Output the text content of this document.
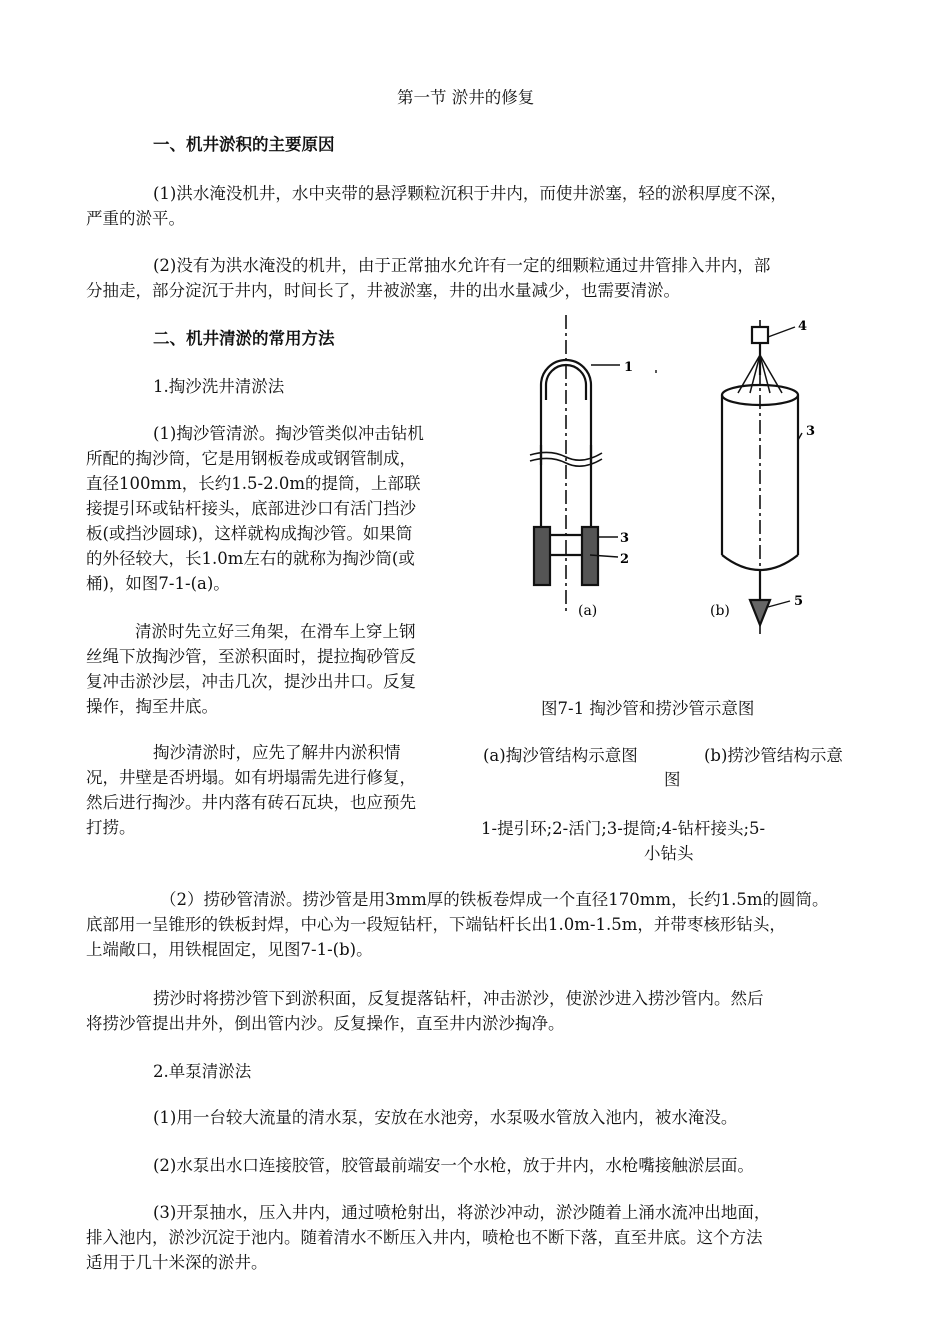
第一节 淤井的修复
一、机井淤积的主要原因
(1)洪水淹没机井，水中夹带的悬浮颗粒沉积于井内，而使井淤塞，轻的淤积厚度不深，
严重的淤平。
(2)没有为洪水淹没的机井，由于正常抽水允许有一定的细颗粒通过井管排入井内，部
分抽走，部分淀沉于井内，时间长了，井被淤塞，井的出水量减少，也需要清淤。
二、机井清淤的常用方法
1.掏沙洗井清淤法
(1)掏沙管清淤。掏沙管类似冲击钻机
所配的掏沙筒，它是用钢板卷成或钢管制成，
直径100mm，长约1.5-2.0m的提筒，上部联
接提引环或钻杆接头，底部进沙口有活门挡沙
板(或挡沙圆球)，这样就构成掏沙管。如果筒
的外径较大，长1.0m左右的就称为掏沙筒(或
桶)，如图7-1-(a)。
清淤时先立好三角架，在滑车上穿上钢
丝绳下放掏沙管，至淤积面时，提拉掏砂管反
复冲击淤沙层，冲击几次，提沙出井口。反复
操作，掏至井底。
掏沙清淤时，应先了解井内淤积情
况，井壁是否坍塌。如有坍塌需先进行修复，
然后进行掏沙。井内落有砖石瓦块，也应预先
打捞。
1
3
2
(a)
4
3
5
(b)
图7-1 掏沙管和捞沙管示意图
(a)掏沙管结构示意图	(b)捞沙管结构示意
图
1-提引环;2-活门;3-提筒;4-钻杆接头;5-
小钻头
（2）捞砂管清淤。捞沙管是用3mm厚的铁板卷焊成一个直径170mm，长约1.5m的圆筒。
底部用一呈锥形的铁板封焊，中心为一段短钻杆，下端钻杆长出1.0m-1.5m，并带枣核形钻头，
上端敞口，用铁棍固定，见图7-1-(b)。
捞沙时将捞沙管下到淤积面，反复提落钻杆，冲击淤沙，使淤沙进入捞沙管内。然后
将捞沙管提出井外，倒出管内沙。反复操作，直至井内淤沙掏净。
2.单泵清淤法
(1)用一台较大流量的清水泵，安放在水池旁，水泵吸水管放入池内，被水淹没。
(2)水泵出水口连接胶管，胶管最前端安一个水枪，放于井内，水枪嘴接触淤层面。
(3)开泵抽水，压入井内，通过喷枪射出，将淤沙冲动，淤沙随着上涌水流冲出地面，
排入池内，淤沙沉淀于池内。随着清水不断压入井内，喷枪也不断下落，直至井底。这个方法
适用于几十米深的淤井。
